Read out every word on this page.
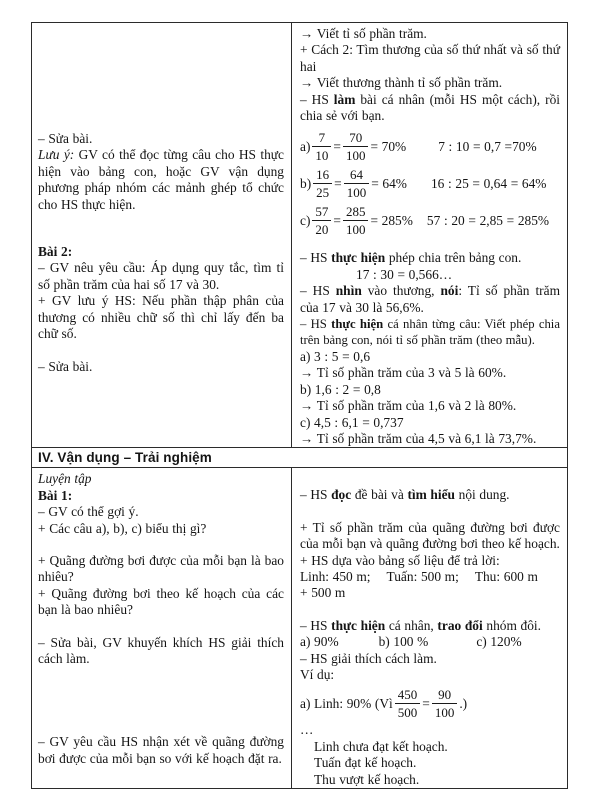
– Sửa bài.
Lưu ý: GV có thể đọc từng câu cho HS thực hiện vào bảng con, hoặc GV vận dụng phương pháp nhóm các mảnh ghép tổ chức cho HS thực hiện.
Bài 2:
– GV nêu yêu cầu: Áp dụng quy tắc, tìm tỉ số phần trăm của hai số 17 và 30.
+ GV lưu ý HS: Nếu phần thập phân của thương có nhiều chữ số thì chỉ lấy đến ba chữ số.
– Sửa bài.
→ Viết tỉ số phần trăm.
+ Cách 2: Tìm thương của số thứ nhất và số thứ hai
→ Viết thương thành tỉ số phần trăm.
– HS làm bài cá nhân (mỗi HS một cách), rồi chia sẻ với bạn.
$a) \frac{7}{10} = \frac{70}{100} = 70\%$ 7 : 10 = 0,7 =70%
$b) \frac{16}{25} = \frac{64}{100} = 64\%$ 16 : 25 = 0,64 = 64%
$c) \frac{57}{20} = \frac{285}{100} = 285\%$ 57 : 20 = 2,85 = 285%
– HS thực hiện phép chia trên bảng con.
17 : 30 = 0,566…
– HS nhìn vào thương, nói: Tỉ số phần trăm của 17 và 30 là 56,6%.
– HS thực hiện cá nhân từng câu: Viết phép chia trên bảng con, nói tỉ số phần trăm (theo mẫu).
a) 3 : 5 = 0,6
→ Tỉ số phần trăm của 3 và 5 là 60%.
b) 1,6 : 2 = 0,8
→ Tỉ số phần trăm của 1,6 và 2 là 80%.
c) 4,5 : 6,1 = 0,737
→ Tỉ số phần trăm của 4,5 và 6,1 là 73,7%.
IV. Vận dụng – Trải nghiệm
Luyện tập
Bài 1:
– GV có thể gợi ý.
+ Các câu a), b), c) biểu thị gì?
+ Quãng đường bơi được của mỗi bạn là bao nhiêu?
+ Quãng đường bơi theo kế hoạch của các bạn là bao nhiêu?
– Sửa bài, GV khuyến khích HS giải thích cách làm.
– GV yêu cầu HS nhận xét về quãng đường bơi được của mỗi bạn so với kế hoạch đặt ra.
– HS đọc đề bài và tìm hiểu nội dung.
+ Tỉ số phần trăm của quãng đường bơi được của mỗi bạn và quãng đường bơi theo kế hoạch.
+ HS dựa vào bảng số liệu để trả lời:
Linh: 450 m; Tuấn: 500 m; Thu: 600 m
+ 500 m
– HS thực hiện cá nhân, trao đổi nhóm đôi.
a) 90%	b) 100 %	c) 120%
– HS giải thích cách làm.
Ví dụ:
a) Linh: 90% (Vì $\frac{450}{500} = \frac{90}{100}$ .)
…
Linh chưa đạt kết hoạch.
Tuấn đạt kế hoạch.
Thu vượt kế hoạch.
